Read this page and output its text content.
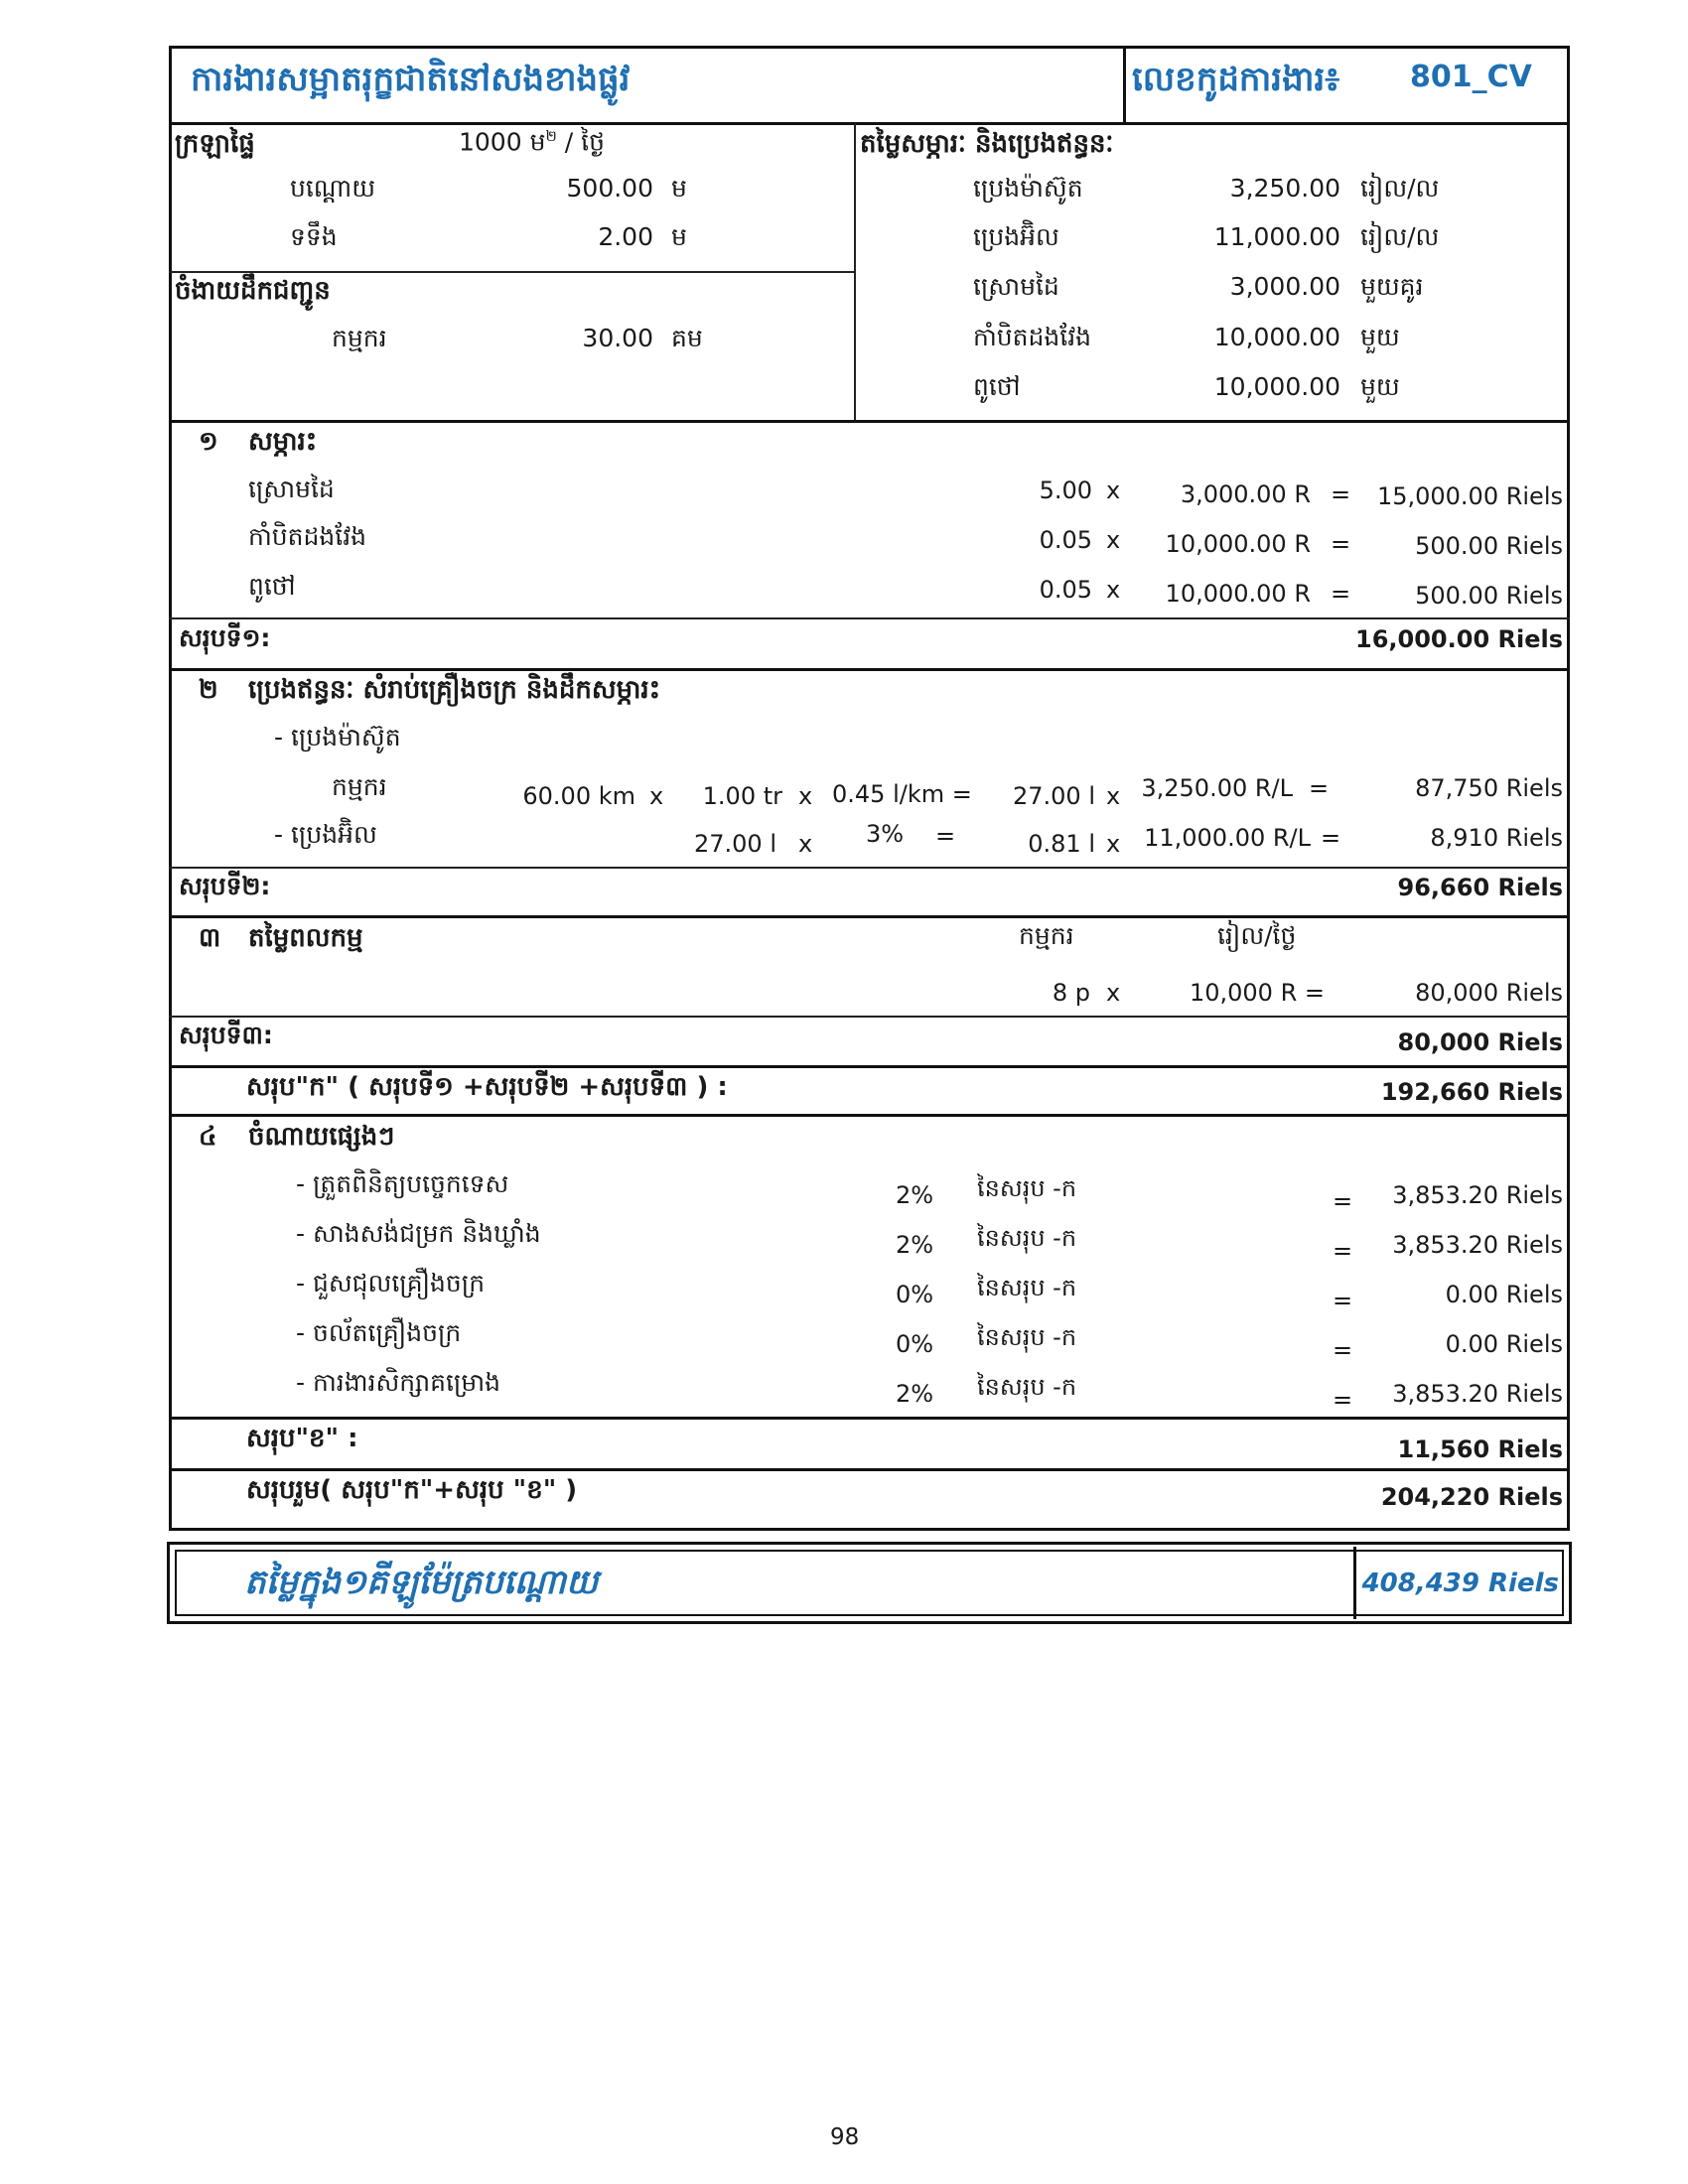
ការងារសម្អាតរុក្ខជាតិនៅសងខាងផ្លូវ	លេខកូដការងារ៖ 801_CV
ក្រឡាផ្ទៃ	1000 ម$^២$ / ថ្ងៃ
បណ្ដោយ	500.00 ម
ទទឹង	2.00 ម
ចំងាយដឹកជញ្ជូន
កម្មករ	30.00 គម
តម្លៃសម្ភារៈ និងប្រេងឥន្ធនៈ
ប្រេងម៉ាស៊ូត	3,250.00 រៀល/ល
ប្រេងអ៊ិល	11,000.00 រៀល/ល
ស្រោមដៃ	3,000.00 មួយគូរ
កាំបិតដងវែង	10,000.00 មួយ
ពូថៅ	10,000.00 មួយ
១ សម្ភារះ
ស្រោមដៃ	5.00 x	3,000.00 R = 15,000.00 Riels
កាំបិតដងវែង	0.05 x 10,000.00 R =	500.00 Riels
ពូថៅ	0.05 x 10,000.00 R =	500.00 Riels
សរុបទី១:	16,000.00 Riels
២ ប្រេងឥន្ធនៈ សំរាប់គ្រឿងចក្រ និងដឹកសម្ភារះ
- ប្រេងម៉ាស៊ូត
កម្មករ	60.00 km x 1.00 tr x 0.45 l/km = 27.00 l x 3,250.00 R/L =	87,750 Riels
- ប្រេងអ៊ិល	27.00 l x 3% =	0.81 l x 11,000.00 R/L =	8,910 Riels
សរុបទី២:	96,660 Riels
៣ តម្លៃពលកម្ម	កម្មករ	រៀល/ថ្ងៃ
8 p x	10,000 R =	80,000 Riels
សរុបទី៣:	80,000 Riels
សរុប"ក" ( សរុបទី១ +សរុបទី២ +សរុបទី៣ ) :	192,660 Riels
៤ ចំណាយផ្សេងៗ
- ត្រួតពិនិត្យបច្ចេកទេស	2% នៃសរុប -ក	= 3,853.20 Riels
- សាងសង់ជម្រក និងឃ្លាំង	2% នៃសរុប -ក	= 3,853.20 Riels
- ជួសជុលគ្រឿងចក្រ	0% នៃសរុប -ក	=	0.00 Riels
- ចល័តគ្រឿងចក្រ	0% នៃសរុប -ក	=	0.00 Riels
- ការងារសិក្សាគម្រោង	2% នៃសរុប -ក	= 3,853.20 Riels
សរុប"ខ" :	11,560 Riels
សរុបរួម( សរុប"ក"+សរុប "ខ" )	204,220 Riels
តម្លៃក្នុង១គីឡូម៉ែត្របណ្ដោយ	408,439 Riels
98
